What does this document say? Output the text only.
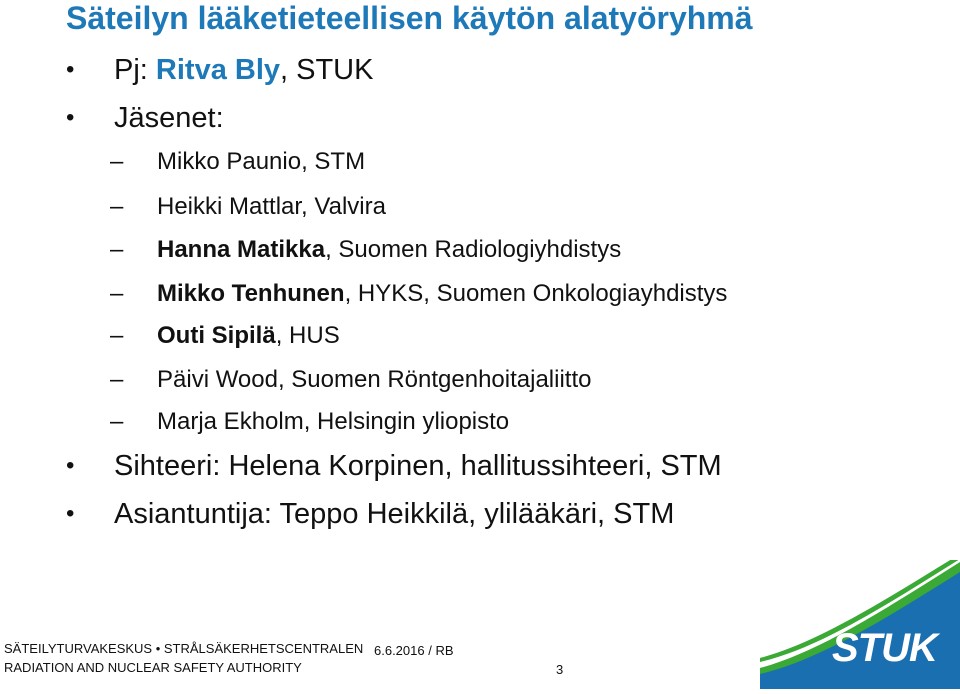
Säteilyn lääketieteellisen käytön alatyöryhmä
• Pj: Ritva Bly, STUK
• Jäsenet:
– Mikko Paunio, STM
– Heikki Mattlar, Valvira
– Hanna Matikka, Suomen Radiologiyhdistys
– Mikko Tenhunen, HYKS, Suomen Onkologiayhdistys
– Outi Sipilä, HUS
– Päivi Wood, Suomen Röntgenhoitajaliitto
– Marja Ekholm, Helsingin yliopisto
• Sihteeri: Helena Korpinen, hallitussihteeri, STM
• Asiantuntija: Teppo Heikkilä, ylilääkäri, STM
SÄTEILYTURVAKESKUS • STRÅLSÄKERHETSCENTRALEN
RADIATION AND NUCLEAR SAFETY AUTHORITY
6.6.2016 / RB
3	STUK
